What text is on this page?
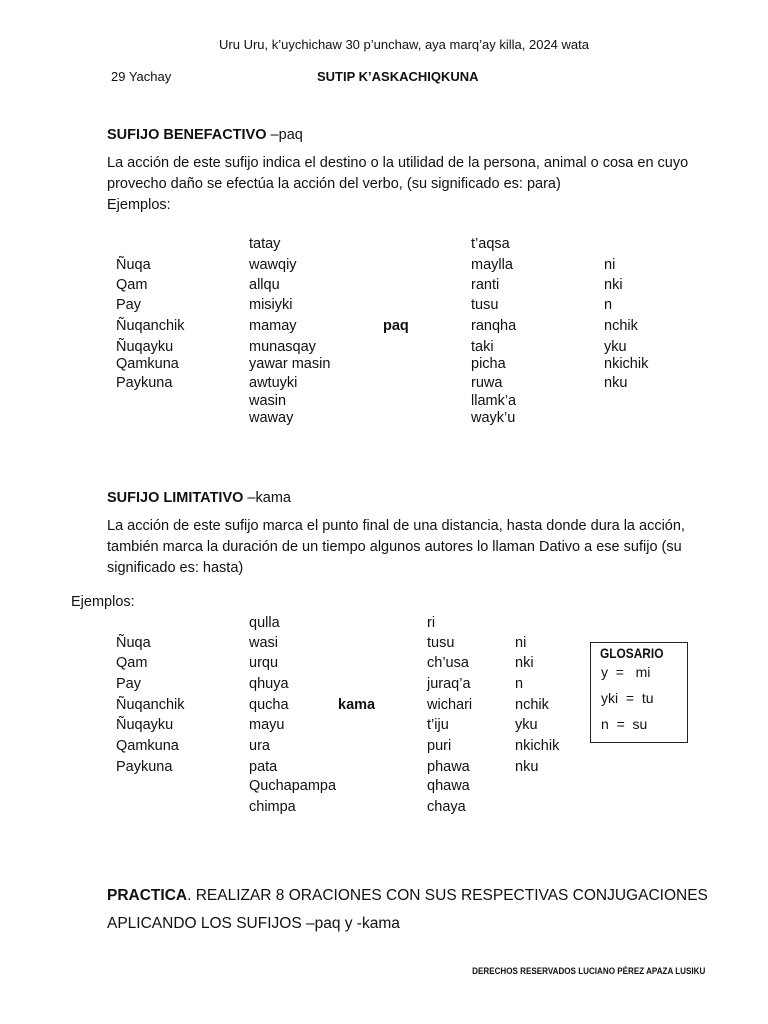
Uru Uru, k’uychichaw 30 p’unchaw, aya marq’ay killa, 2024 wata
29 Yachay	SUTIP K’ASKACHIQKUNA
SUFIJO BENEFACTIVO –paq
La acción de este sufijo indica el destino o la utilidad de la persona, animal o cosa en cuyo provecho daño se efectúa la acción del verbo, (su significado es: para)
Ejemplos:
Ñuqa
Qam
Pay
Ñuqanchik
Ñuqayku
Qamkuna
Paykuna
tatay
wawqiy
allqu
misiyki
mamay
munasqay
yawar masin
awtuyki
wasin
waway
paq
t’aqsa
maylla
ranti
tusu
ranqha
taki
picha
ruwa
llamk’a
wayk’u
ni
nki
n
nchik
yku
nkichik
nku
SUFIJO LIMITATIVO –kama
La acción de este sufijo marca el punto final de una distancia, hasta donde dura la acción, también marca la duración de un tiempo algunos autores lo llaman Dativo a ese sufijo (su significado es: hasta)
Ejemplos:
Ñuqa
Qam
Pay
Ñuqanchik
Ñuqayku
Qamkuna
Paykuna
qulla
wasi
urqu
qhuya
qucha
mayu
ura
pata
Quchapampa
chimpa
kama
ri
tusu
ch’usa
juraq’a
wichari
t’iju
puri
phawa
qhawa
chaya
ni
nki
n
nchik
yku
nkichik
nku
GLOSARIO
y  =   mi
yki  =  tu
n  =  su
PRACTICA. REALIZAR 8 ORACIONES CON SUS RESPECTIVAS CONJUGACIONES APLICANDO LOS SUFIJOS –paq y -kama
DERECHOS RESERVADOS LUCIANO PÉREZ APAZA LUSIKU
